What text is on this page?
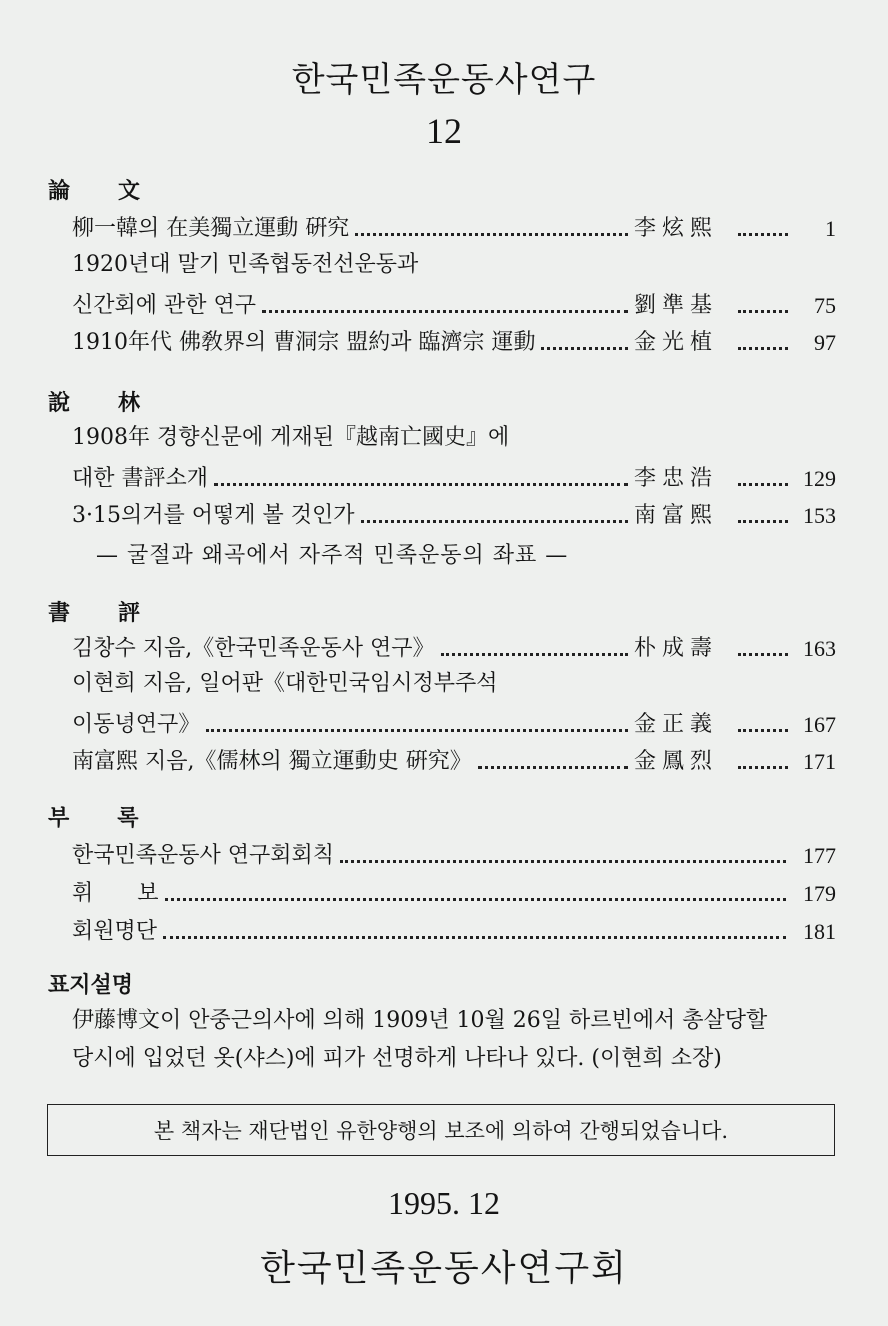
한국민족운동사연구
12
論 文
柳一韓의 在美獨立運動 硏究	李炫熙	1
1920년대 말기 민족협동전선운동과
신간회에 관한 연구	劉準基	75
1910年代 佛敎界의 曹洞宗 盟約과 臨濟宗 運動	金光植	97
說 林
1908年 경향신문에 게재된『越南亡國史』에
대한 書評소개	李忠浩	129
3·15의거를 어떻게 볼 것인가	南富熙	153
— 굴절과 왜곡에서 자주적 민족운동의 좌표 —
書 評
김창수 지음,《한국민족운동사 연구》	朴成壽	163
이현희 지음, 일어판《대한민국임시정부주석
이동녕연구》	金正義	167
南富熙 지음,《儒林의 獨立運動史 硏究》	金鳳烈	171
부 록
한국민족운동사 연구회회칙	177
휘　　보	179
회원명단	181
표지설명
伊藤博文이 안중근의사에 의해 1909년 10월 26일 하르빈에서 총살당할
당시에 입었던 옷(샤스)에 피가 선명하게 나타나 있다. (이현희 소장)
본 책자는 재단법인 유한양행의 보조에 의하여 간행되었습니다.
1995. 12
한국민족운동사연구회
